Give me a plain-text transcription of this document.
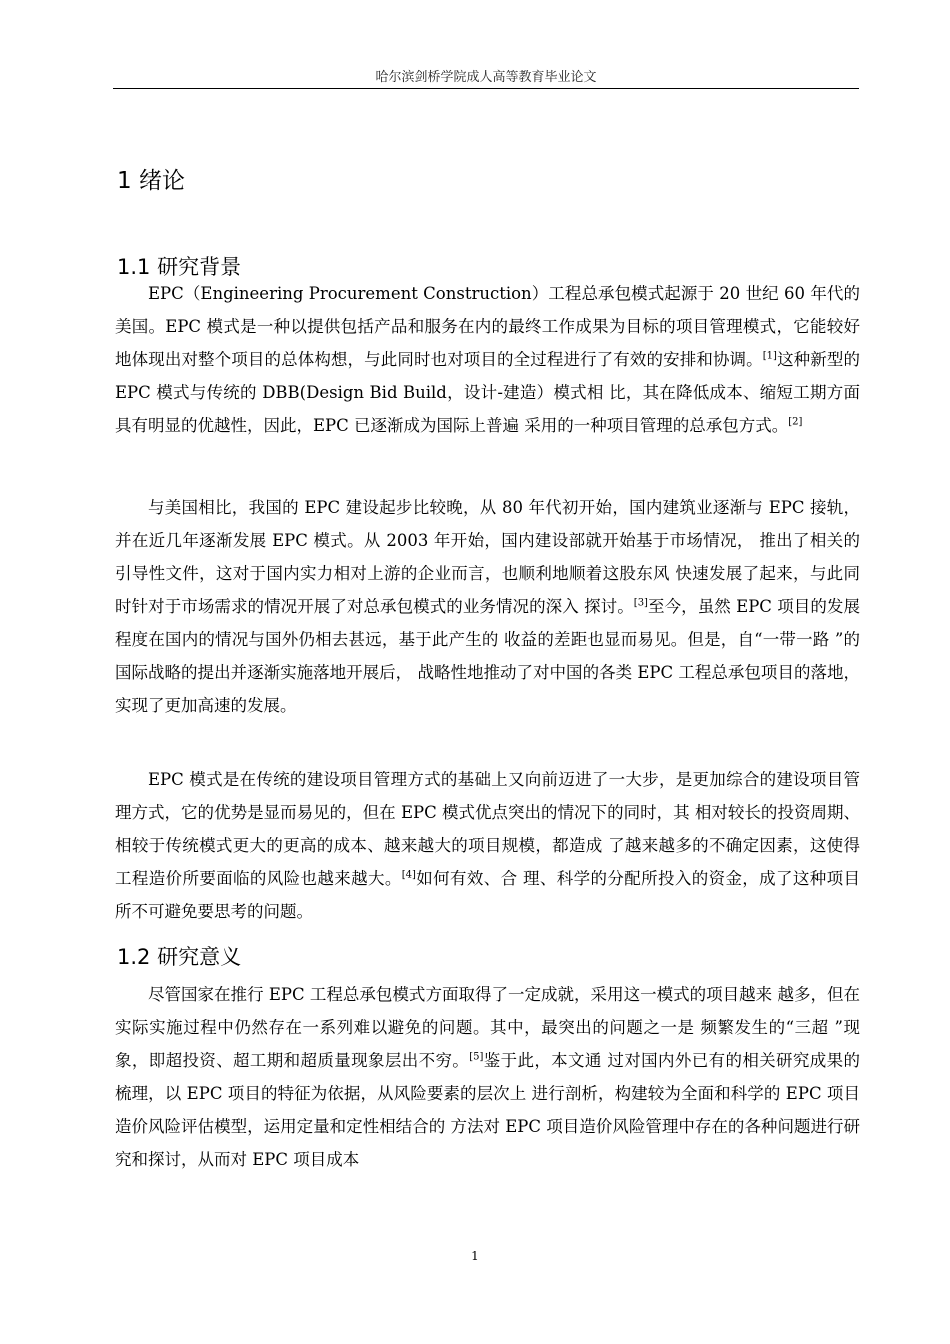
哈尔滨剑桥学院成人高等教育毕业论文
1 绪论
1.1 研究背景

EPC（Engineering Procurement Construction）工程总承包模式起源于 20 世纪 60 年代的美国。EPC 模式是一种以提供包括产品和服务在内的最终工作成果为目标的项目管理模式，它能较好地体现出对整个项目的总体构想，与此同时也对项目的全过程进行了有效的安排和协调。[1]这种新型的 EPC 模式与传统的 DBB(Design Bid Build，设计-建造）模式相 比，其在降低成本、缩短工期方面具有明显的优越性，因此，EPC 已逐渐成为国际上普遍 采用的一种项目管理的总承包方式。[2]

与美国相比，我国的 EPC 建设起步比较晚，从 80 年代初开始，国内建筑业逐渐与 EPC 接轨，并在近几年逐渐发展 EPC 模式。从 2003 年开始，国内建设部就开始基于市场情况， 推出了相关的引导性文件，这对于国内实力相对上游的企业而言，也顺利地顺着这股东风 快速发展了起来，与此同时针对于市场需求的情况开展了对总承包模式的业务情况的深入 探讨。[3]至今，虽然 EPC 项目的发展程度在国内的情况与国外仍相去甚远，基于此产生的 收益的差距也显而易见。但是，自“一带一路 ”的国际战略的提出并逐渐实施落地开展后， 战略性地推动了对中国的各类 EPC 工程总承包项目的落地，实现了更加高速的发展。

EPC 模式是在传统的建设项目管理方式的基础上又向前迈进了一大步，是更加综合的建设项目管理方式，它的优势是显而易见的，但在 EPC 模式优点突出的情况下的同时，其 相对较长的投资周期、相较于传统模式更大的更高的成本、越来越大的项目规模，都造成 了越来越多的不确定因素，这使得工程造价所要面临的风险也越来越大。[4]如何有效、合 理、科学的分配所投入的资金，成了这种项目所不可避免要思考的问题。

1.2 研究意义

尽管国家在推行 EPC 工程总承包模式方面取得了一定成就，采用这一模式的项目越来 越多，但在实际实施过程中仍然存在一系列难以避免的问题。其中，最突出的问题之一是 频繁发生的“三超 ”现象，即超投资、超工期和超质量现象层出不穷。[5]鉴于此，本文通 过对国内外已有的相关研究成果的梳理，以 EPC 项目的特征为依据，从风险要素的层次上 进行剖析，构建较为全面和科学的 EPC 项目造价风险评估模型，运用定量和定性相结合的 方法对 EPC 项目造价风险管理中存在的各种问题进行研究和探讨，从而对 EPC 项目成本

1
